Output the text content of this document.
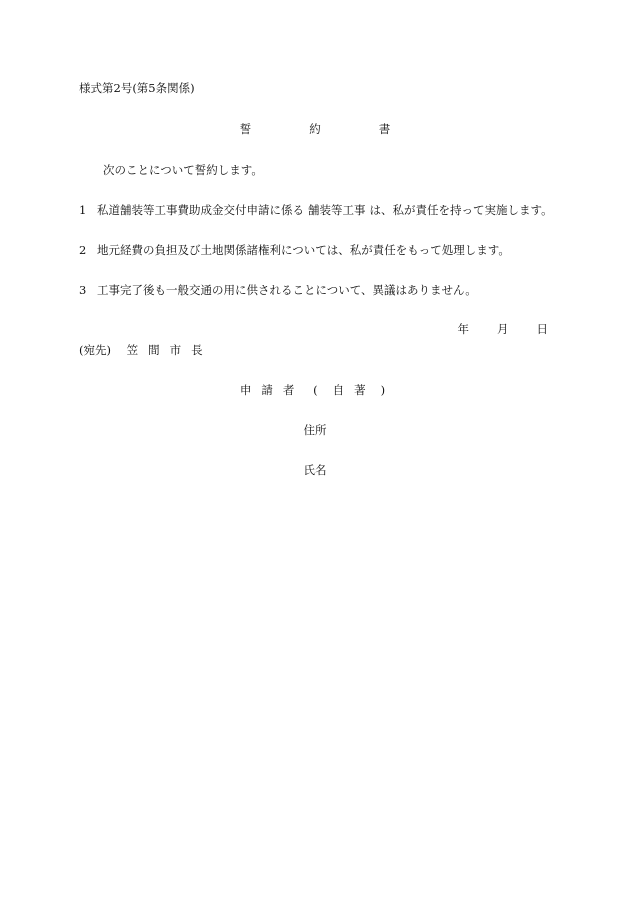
様式第2号(第5条関係)
誓	約	書
次のことについて誓約します。
1 私道舗装等工事費助成金交付申請に係る 舗装等工事 は、私が責任を持って実施します。
2 地元経費の負担及び土地関係諸権利については、私が責任をもって処理します。
3 工事完了後も一般交通の用に供されることについて、異議はありません。
年 月 日
(宛先) 笠 間 市 長
申 請 者 ( 自 著 )
住所
氏名
